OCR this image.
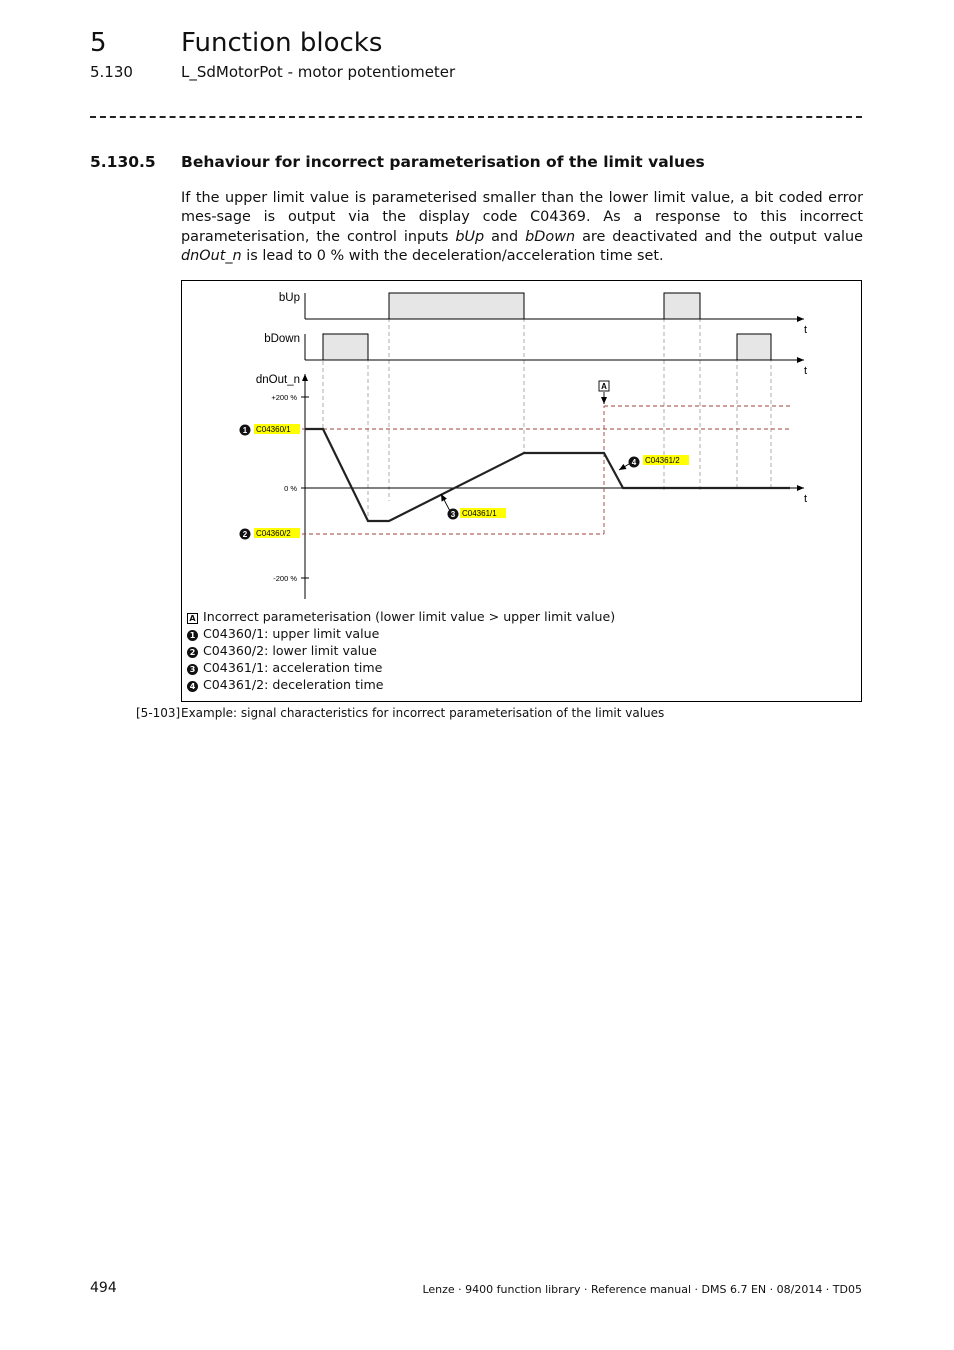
5	Function blocks
5.130	L_SdMotorPot - motor potentiometer
5.130.5 Behaviour for incorrect parameterisation of the limit values
If the upper limit value is parameterised smaller than the lower limit value, a bit coded error mes-sage is output via the display code C04369. As a response to this incorrect parameterisation, the control inputs bUp and bDown are deactivated and the output value dnOut_n is lead to 0 % with the deceleration/acceleration time set.
bUp
t
bDown
t
dnOut_n
t
+200 %
0 %
-200 %
1 C04360/1
2 C04360/2
3 C04361/1
4 C04361/2
A
A Incorrect parameterisation (lower limit value > upper limit value)
1 C04360/1: upper limit value
2 C04360/2: lower limit value
3 C04361/1: acceleration time
4 C04361/2: deceleration time
[5-103] Example: signal characteristics for incorrect parameterisation of the limit values
494	Lenze · 9400 function library · Reference manual · DMS 6.7 EN · 08/2014 · TD05
